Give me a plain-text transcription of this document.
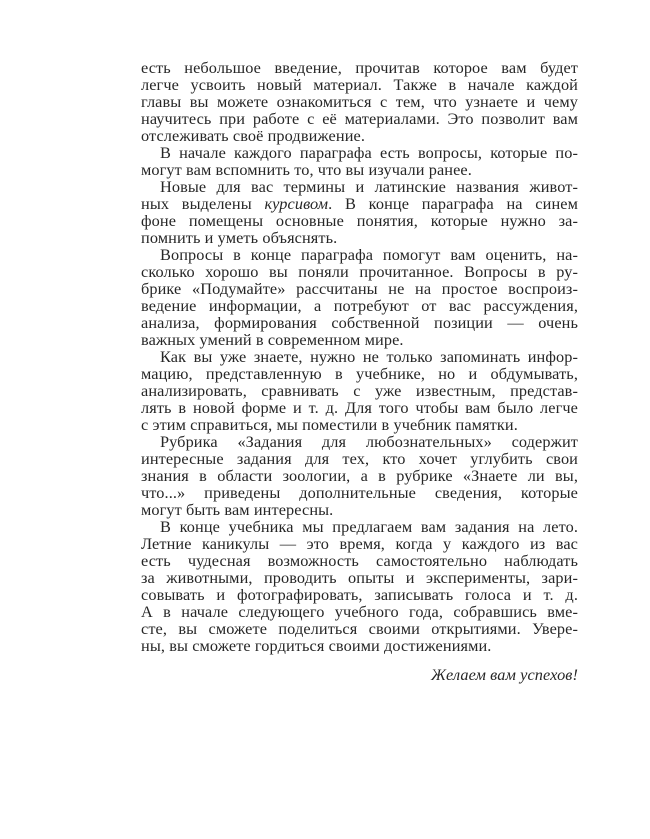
есть небольшое введение, прочитав которое вам будет
легче усвоить новый материал. Также в начале каждой
главы вы можете ознакомиться с тем, что узнаете и чему
научитесь при работе с её материалами. Это позволит вам
отслеживать своё продвижение.
В начале каждого параграфа есть вопросы, которые по-
могут вам вспомнить то, что вы изучали ранее.
Новые для вас термины и латинские названия живот-
ных выделены курсивом. В конце параграфа на синем
фоне помещены основные понятия, которые нужно за-
помнить и уметь объяснять.
Вопросы в конце параграфа помогут вам оценить, на-
сколько хорошо вы поняли прочитанное. Вопросы в ру-
брике «Подумайте» рассчитаны не на простое воспроиз-
ведение информации, а потребуют от вас рассуждения,
анализа, формирования собственной позиции — очень
важных умений в современном мире.
Как вы уже знаете, нужно не только запоминать инфор-
мацию, представленную в учебнике, но и обдумывать,
анализировать, сравнивать с уже известным, представ-
лять в новой форме и т. д. Для того чтобы вам было легче
с этим справиться, мы поместили в учебник памятки.
Рубрика «Задания для любознательных» содержит
интересные задания для тех, кто хочет углубить свои
знания в области зоологии, а в рубрике «Знаете ли вы,
что...» приведены дополнительные сведения, которые
могут быть вам интересны.
В конце учебника мы предлагаем вам задания на лето.
Летние каникулы — это время, когда у каждого из вас
есть чудесная возможность самостоятельно наблюдать
за животными, проводить опыты и эксперименты, зари-
совывать и фотографировать, записывать голоса и т. д.
А в начале следующего учебного года, собравшись вме-
сте, вы сможете поделиться своими открытиями. Увере-
ны, вы сможете гордиться своими достижениями.
Желаем вам успехов!
